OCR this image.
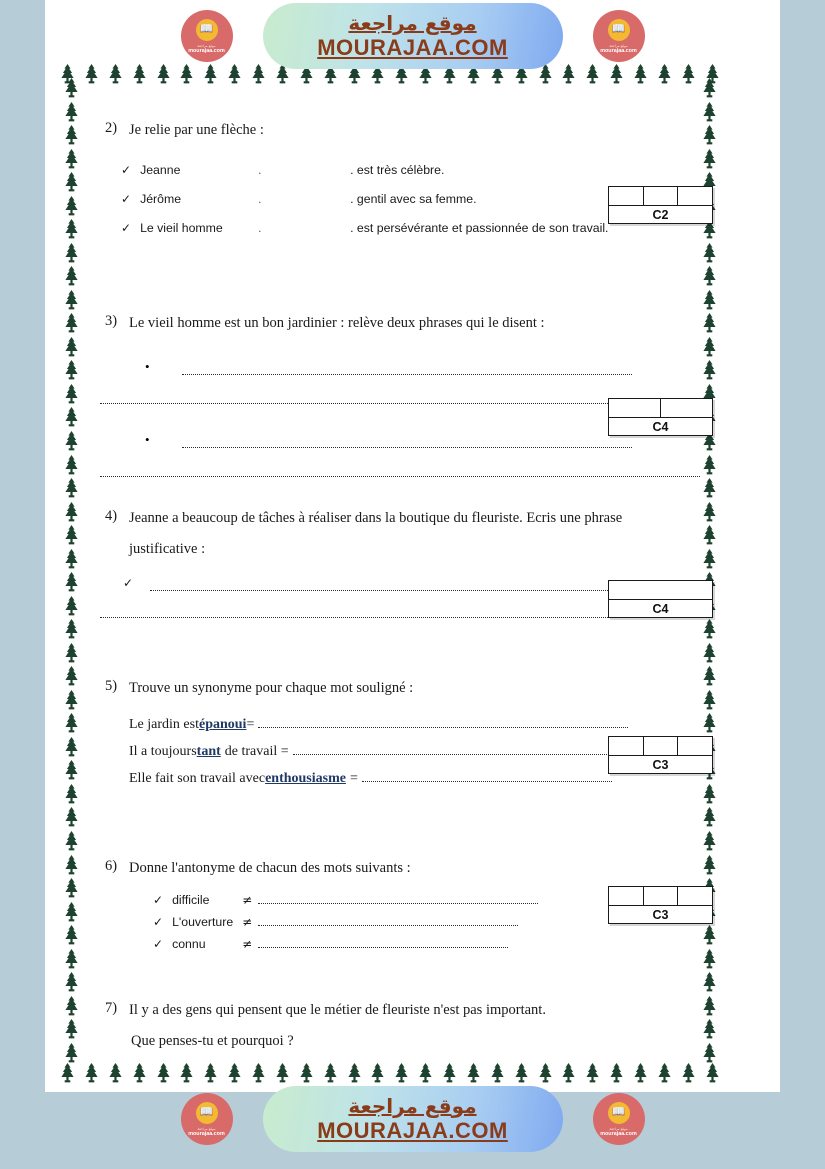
📖
موقع مراجعة
mourajaa.com
موقع مراجعة
MOURAJAA.COM
📖
موقع مراجعة
mourajaa.com
2) Je relie par une flèche :
✓ Jeanne	.	. est très célèbre.
✓ Jérôme	.	. gentil avec sa femme.
✓ Le vieil homme	.	. est persévérante et passionnée de son travail.
C2
3) Le vieil homme est un bon jardinier : relève deux phrases qui le disent :
•
•
C4
4) Jeanne a beaucoup de tâches à réaliser dans la boutique du fleuriste. Ecris une phrase
justificative :
✓
C4
5) Trouve un synonyme pour chaque mot souligné :
Le jardin est épanoui =
Il a toujours tant de travail =
Elle fait son travail avec enthousiasme =
C3
6) Donne l'antonyme de chacun des mots suivants :
✓ difficile	≠
✓ L'ouverture ≠
✓ connu	≠
C3
7) Il y a des gens qui pensent que le métier de fleuriste n'est pas important.
Que penses-tu et pourquoi ?
📖
موقع مراجعة
mourajaa.com
موقع مراجعة
MOURAJAA.COM
📖
موقع مراجعة
mourajaa.com
